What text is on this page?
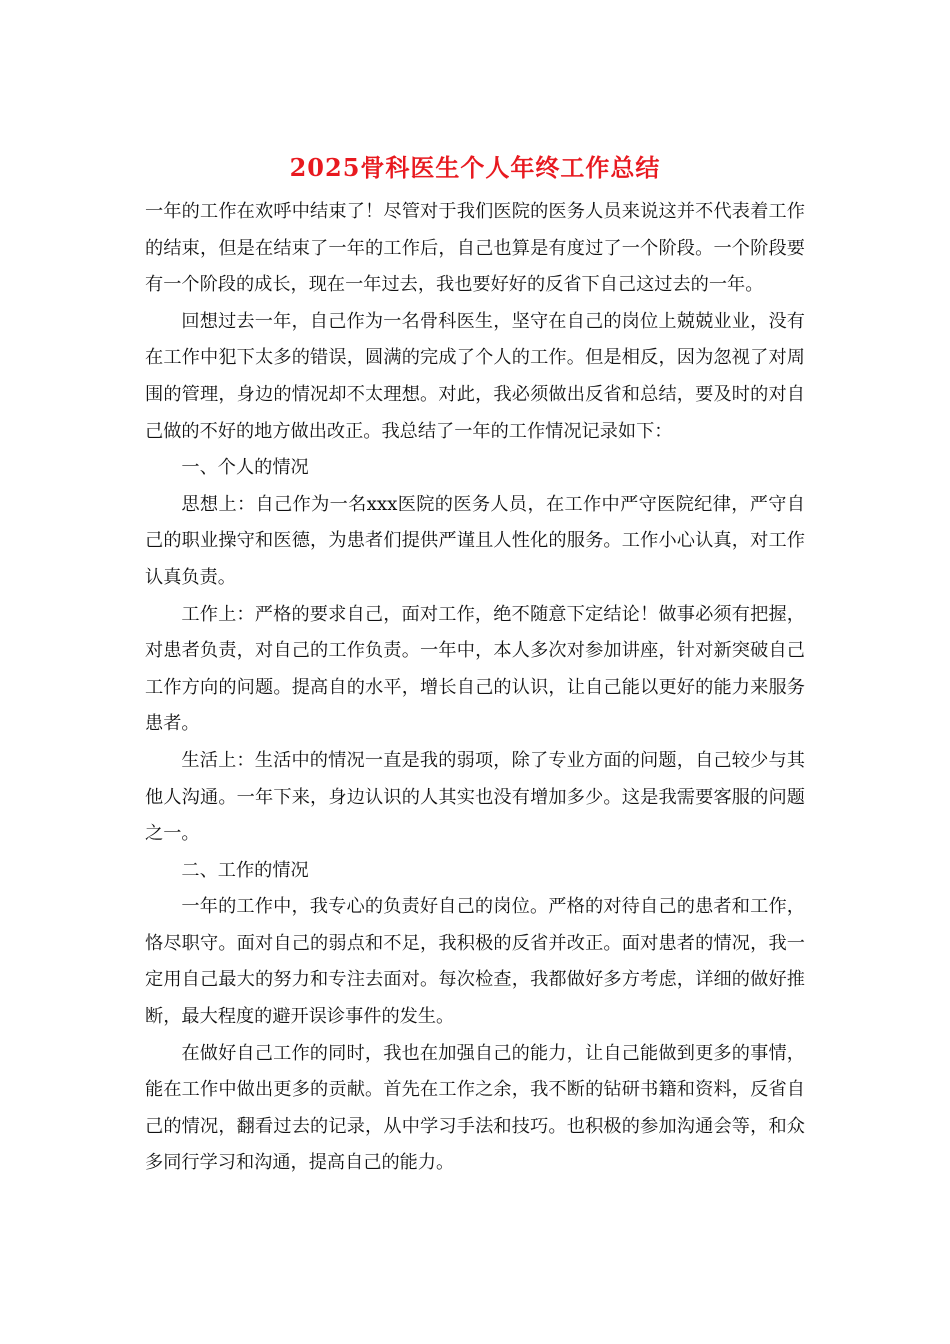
2025骨科医生个人年终工作总结

一年的工作在欢呼中结束了！尽管对于我们医院的医务人员来说这并不代表着工作的结束，但是在结束了一年的工作后，自己也算是有度过了一个阶段。一个阶段要有一个阶段的成长，现在一年过去，我也要好好的反省下自己这过去的一年。

回想过去一年，自己作为一名骨科医生，坚守在自己的岗位上兢兢业业，没有在工作中犯下太多的错误，圆满的完成了个人的工作。但是相反，因为忽视了对周围的管理，身边的情况却不太理想。对此，我必须做出反省和总结，要及时的对自己做的不好的地方做出改正。我总结了一年的工作情况记录如下：

一、个人的情况

思想上：自己作为一名xxx医院的医务人员，在工作中严守医院纪律，严守自己的职业操守和医德，为患者们提供严谨且人性化的服务。工作小心认真，对工作认真负责。

工作上：严格的要求自己，面对工作，绝不随意下定结论！做事必须有把握，对患者负责，对自己的工作负责。一年中，本人多次对参加讲座，针对新突破自己工作方向的问题。提高自的水平，增长自己的认识，让自己能以更好的能力来服务患者。

生活上：生活中的情况一直是我的弱项，除了专业方面的问题，自己较少与其他人沟通。一年下来，身边认识的人其实也没有增加多少。这是我需要客服的问题之一。

二、工作的情况

一年的工作中，我专心的负责好自己的岗位。严格的对待自己的患者和工作，恪尽职守。面对自己的弱点和不足，我积极的反省并改正。面对患者的情况，我一定用自己最大的努力和专注去面对。每次检查，我都做好多方考虑，详细的做好推断，最大程度的避开误诊事件的发生。

在做好自己工作的同时，我也在加强自己的能力，让自己能做到更多的事情，能在工作中做出更多的贡献。首先在工作之余，我不断的钻研书籍和资料，反省自己的情况，翻看过去的记录，从中学习手法和技巧。也积极的参加沟通会等，和众多同行学习和沟通，提高自己的能力。
